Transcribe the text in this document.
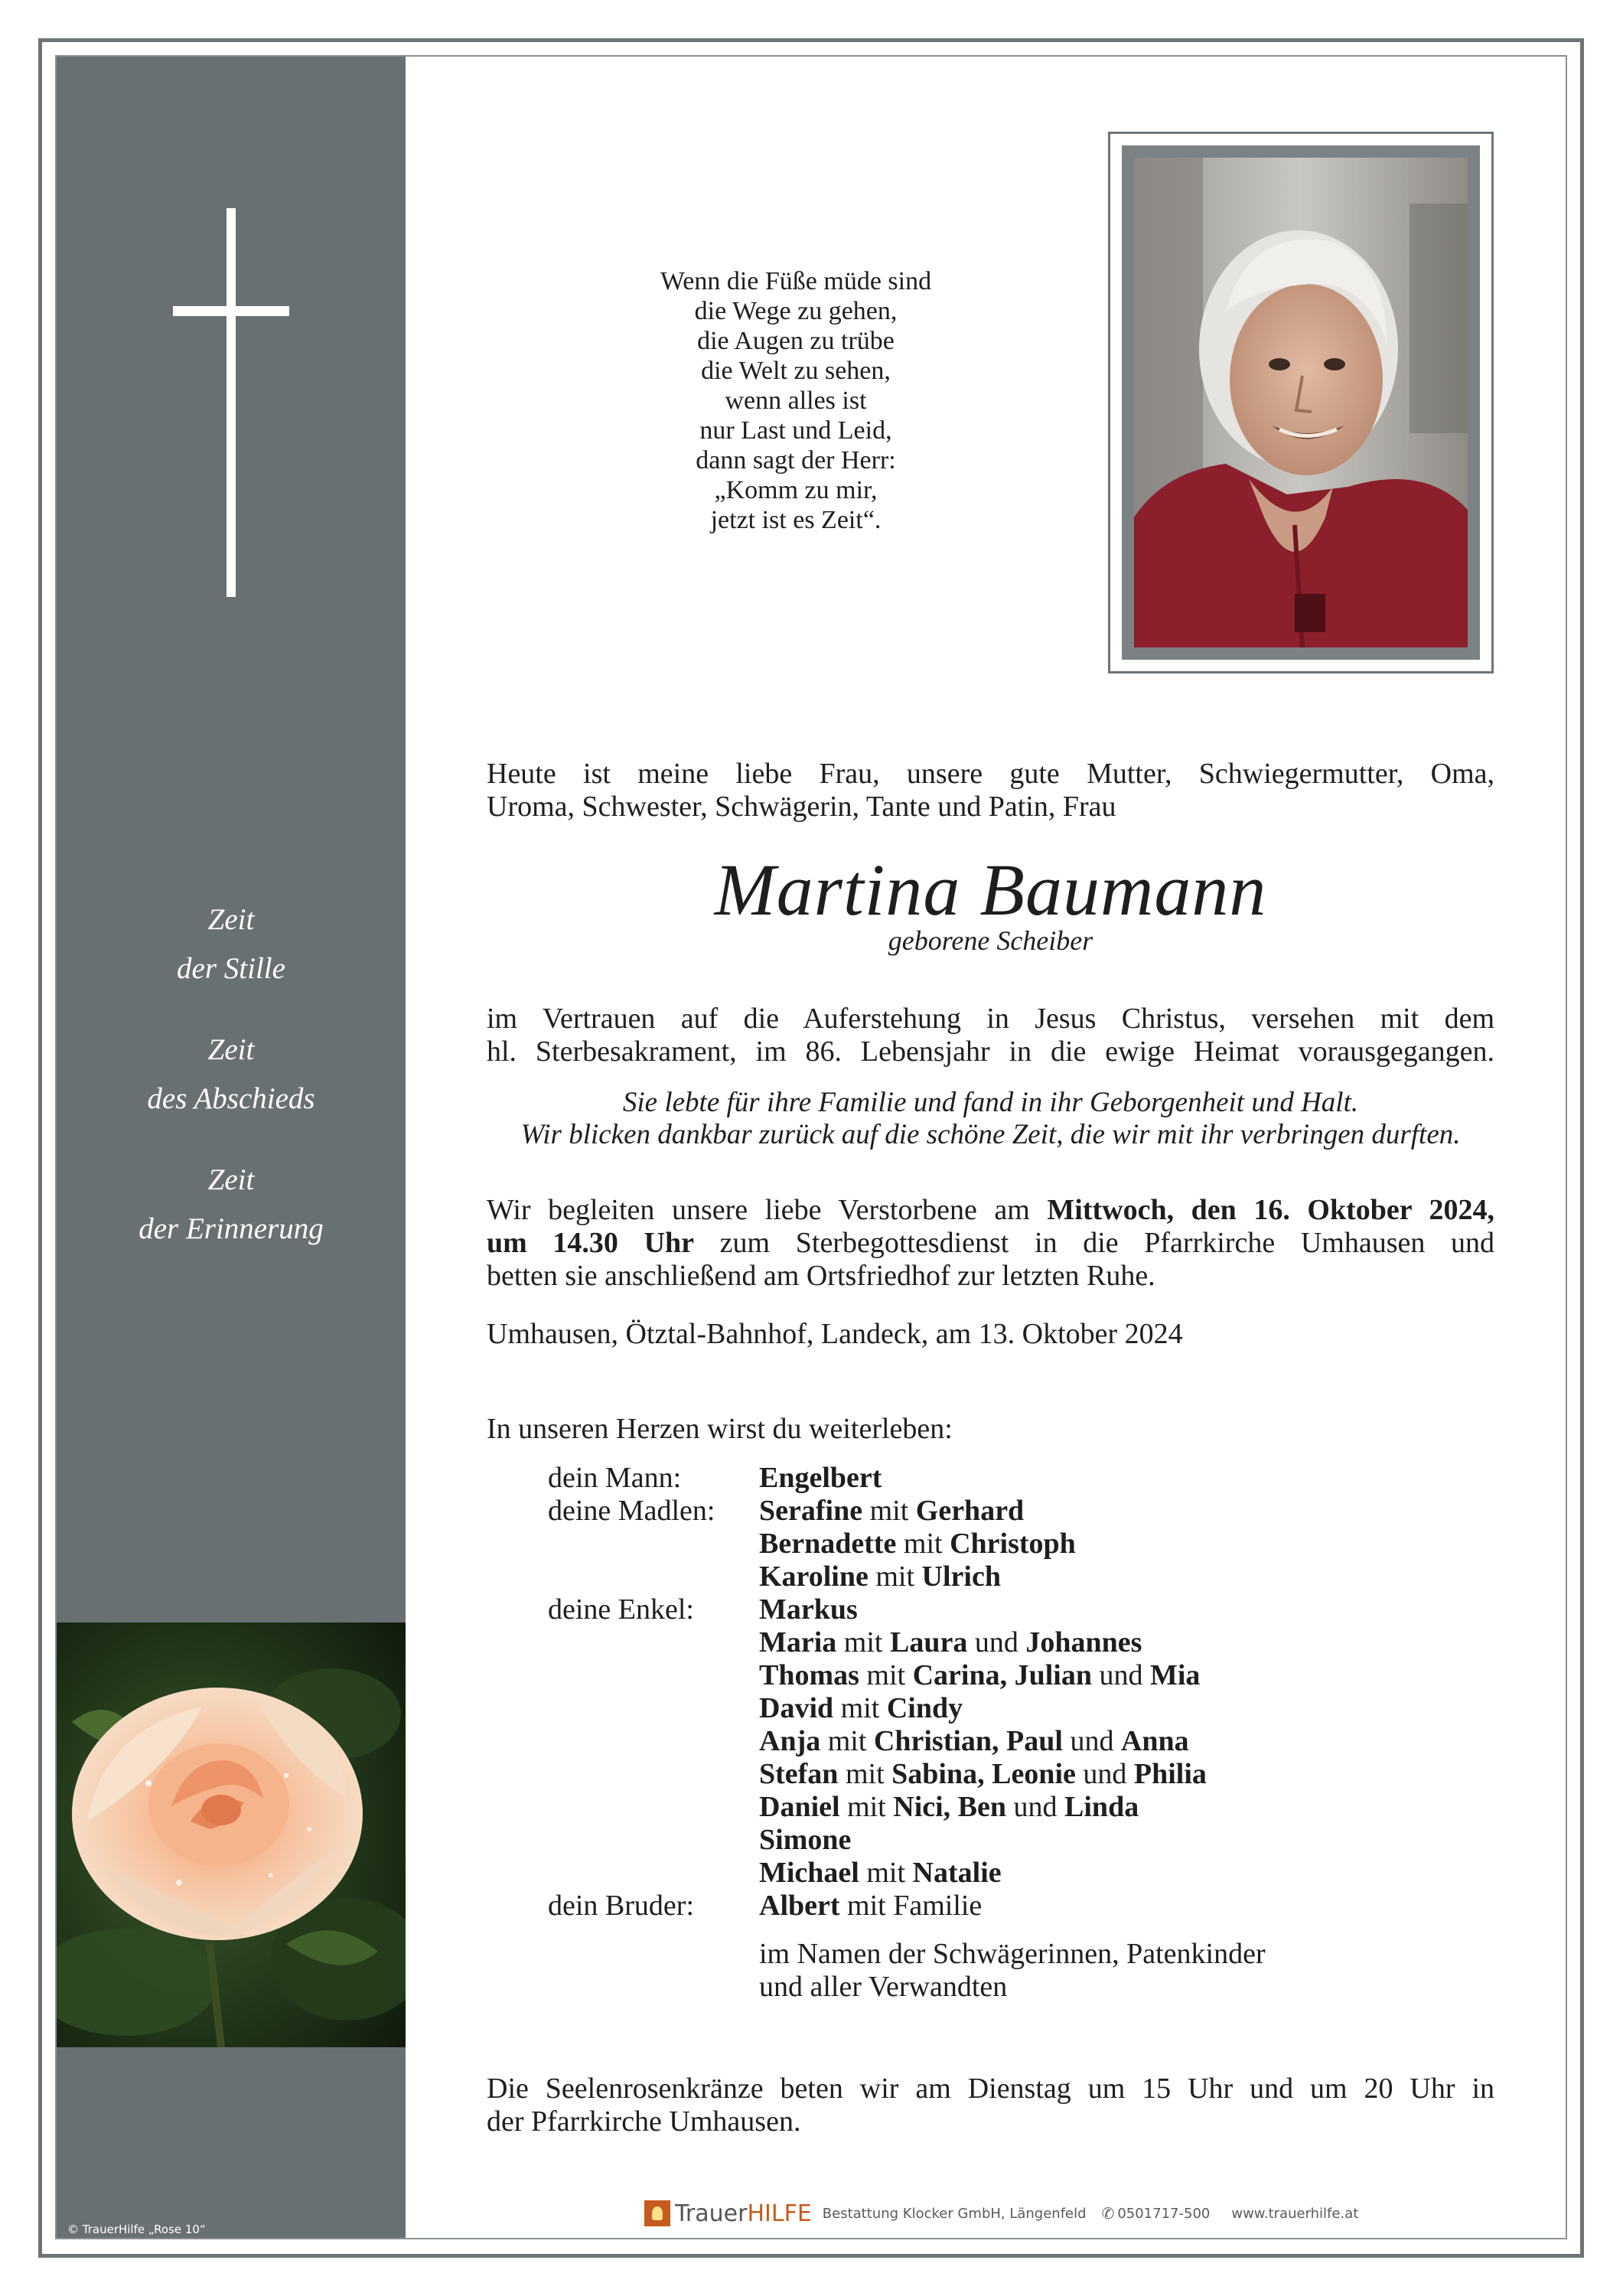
Zeit
der Stille
Zeit
des Abschieds
Zeit
der Erinnerung
© TrauerHilfe „Rose 10“
Wenn die Füße müde sind
die Wege zu gehen,
die Augen zu trübe
die Welt zu sehen,
wenn alles ist
nur Last und Leid,
dann sagt der Herr:
„Komm zu mir,
jetzt ist es Zeit“.
Heute ist meine liebe Frau, unsere gute Mutter, Schwiegermutter, Oma,
Uroma, Schwester, Schwägerin, Tante und Patin, Frau
Martina Baumann
geborene Scheiber
im Vertrauen auf die Auferstehung in Jesus Christus, versehen mit dem
hl. Sterbesakrament, im 86. Lebensjahr in die ewige Heimat vorausgegangen.
Sie lebte für ihre Familie und fand in ihr Geborgenheit und Halt.
Wir blicken dankbar zurück auf die schöne Zeit, die wir mit ihr verbringen durften.
Wir begleiten unsere liebe Verstorbene am Mittwoch, den 16. Oktober 2024,
um 14.30 Uhr zum Sterbegottesdienst in die Pfarrkirche Umhausen und
betten sie anschließend am Ortsfriedhof zur letzten Ruhe.
Umhausen, Ötztal-Bahnhof, Landeck, am 13. Oktober 2024
In unseren Herzen wirst du weiterleben:
dein Mann:	Engelbert
deine Madlen:	Serafine mit Gerhard
Bernadette mit Christoph
Karoline mit Ulrich
deine Enkel:	Markus
Maria mit Laura und Johannes
Thomas mit Carina, Julian und Mia
David mit Cindy
Anja mit Christian, Paul und Anna
Stefan mit Sabina, Leonie und Philia
Daniel mit Nici, Ben und Linda
Simone
Michael mit Natalie
dein Bruder:	Albert mit Familie
im Namen der Schwägerinnen, Patenkinder
und aller Verwandten
Die Seelenrosenkränze beten wir am Dienstag um 15 Uhr und um 20 Uhr in
der Pfarrkirche Umhausen.
TrauerHILFE Bestattung Klocker GmbH, Längenfeld ✆ 0501717-500 www.trauerhilfe.at
